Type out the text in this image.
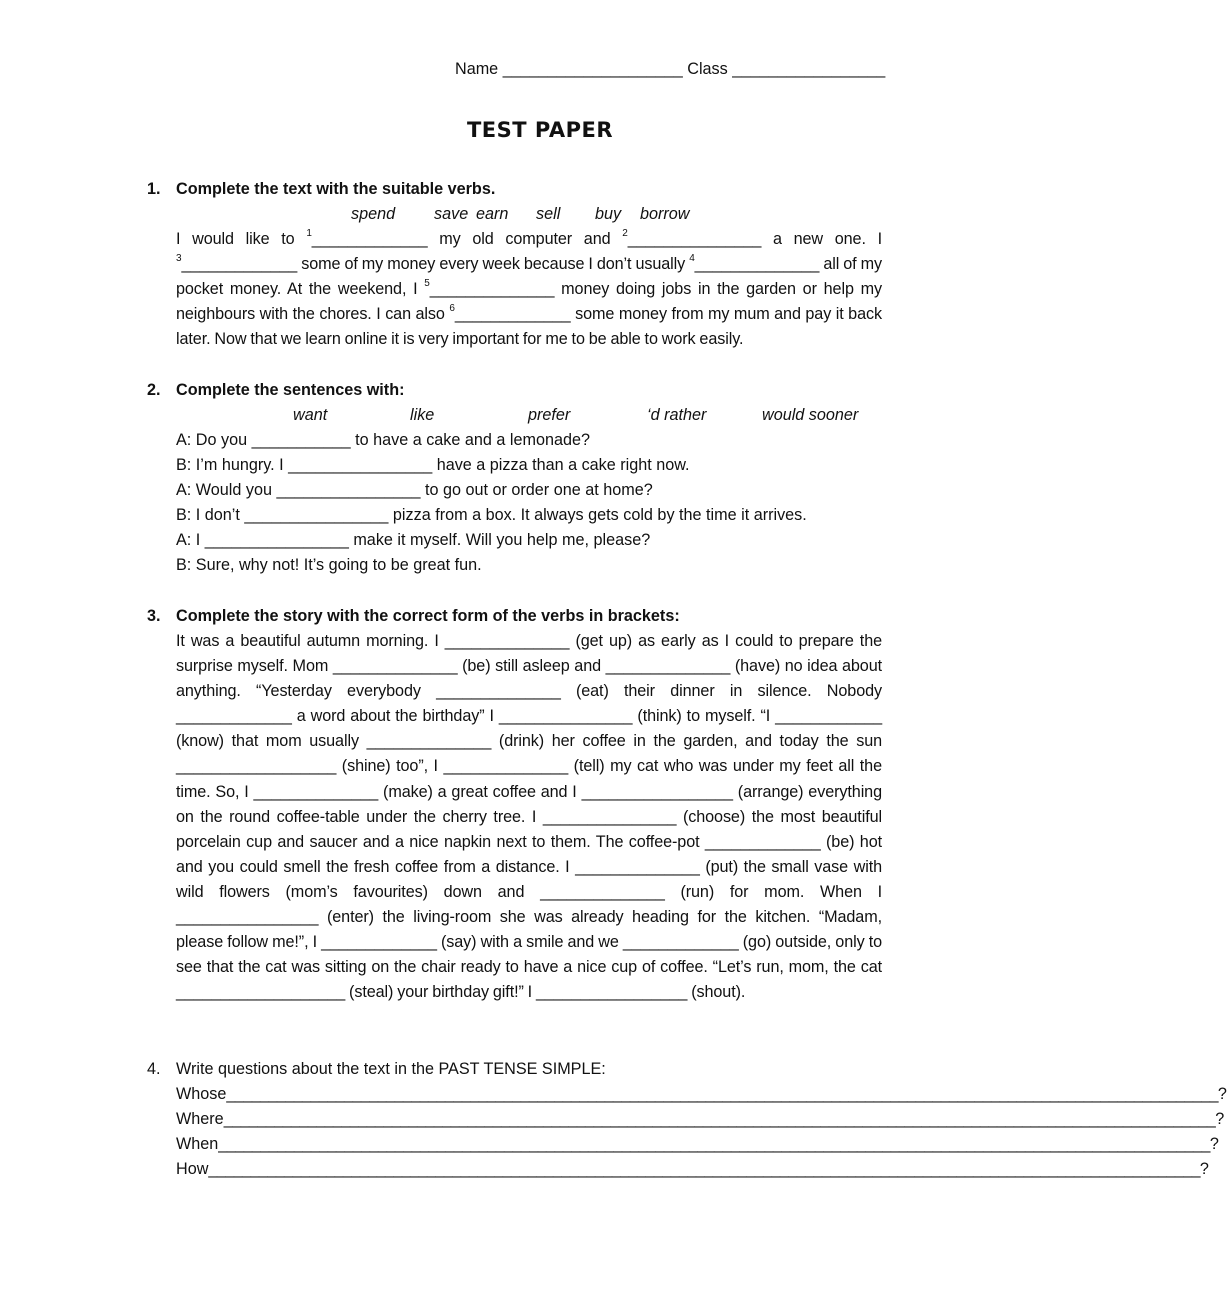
Name ____________________ Class _________________
TEST PAPER
1. Complete the text with the suitable verbs.
spend	save earn	sell	buy	borrow
I would like to $^1$_____________ my old computer and $^2$_______________ a new one. I $^3$_____________ some of my money every week because I don’t usually $^4$______________ all of my pocket money. At the weekend, I $^5$______________ money doing jobs in the garden or help my neighbours with the chores. I can also $^6$_____________ some money from my mum and pay it back later. Now that we learn online it is very important for me to be able to work easily.
2. Complete the sentences with:
want	like	prefer	‘d rather	would sooner
A: Do you ___________ to have a cake and a lemonade?
B: I’m hungry. I ________________ have a pizza than a cake right now.
A: Would you ________________ to go out or order one at home?
B: I don’t ________________ pizza from a box. It always gets cold by the time it arrives.
A: I ________________ make it myself. Will you help me, please?
B: Sure, why not! It’s going to be great fun.
3. Complete the story with the correct form of the verbs in brackets:
It was a beautiful autumn morning. I ______________ (get up) as early as I could to prepare the surprise myself. Mom ______________ (be) still asleep and ______________ (have) no idea about anything. “Yesterday everybody ______________ (eat) their dinner in silence. Nobody _____________ a word about the birthday” I _______________ (think) to myself. “I ____________ (know) that mom usually ______________ (drink) her coffee in the garden, and today the sun __________________ (shine) too”, I ______________ (tell) my cat who was under my feet all the time. So, I ______________ (make) a great coffee and I _________________ (arrange) everything on the round coffee-table under the cherry tree. I _______________ (choose) the most beautiful porcelain cup and saucer and a nice napkin next to them. The coffee-pot _____________ (be) hot and you could smell the fresh coffee from a distance. I ______________ (put) the small vase with wild flowers (mom’s favourites) down and ______________ (run) for mom. When I ________________ (enter) the living-room she was already heading for the kitchen. “Madam, please follow me!”, I _____________ (say) with a smile and we _____________ (go) outside, only to see that the cat was sitting on the chair ready to have a nice cup of coffee. “Let’s run, mom, the cat ___________________ (steal) your birthday gift!” I _________________ (shout).
4. Write questions about the text in the PAST TENSE SIMPLE:
Whose ______________________________________________________________________________________________________________________ ?
Where ______________________________________________________________________________________________________________________ ?
When ______________________________________________________________________________________________________________________ ?
How ______________________________________________________________________________________________________________________ ?
